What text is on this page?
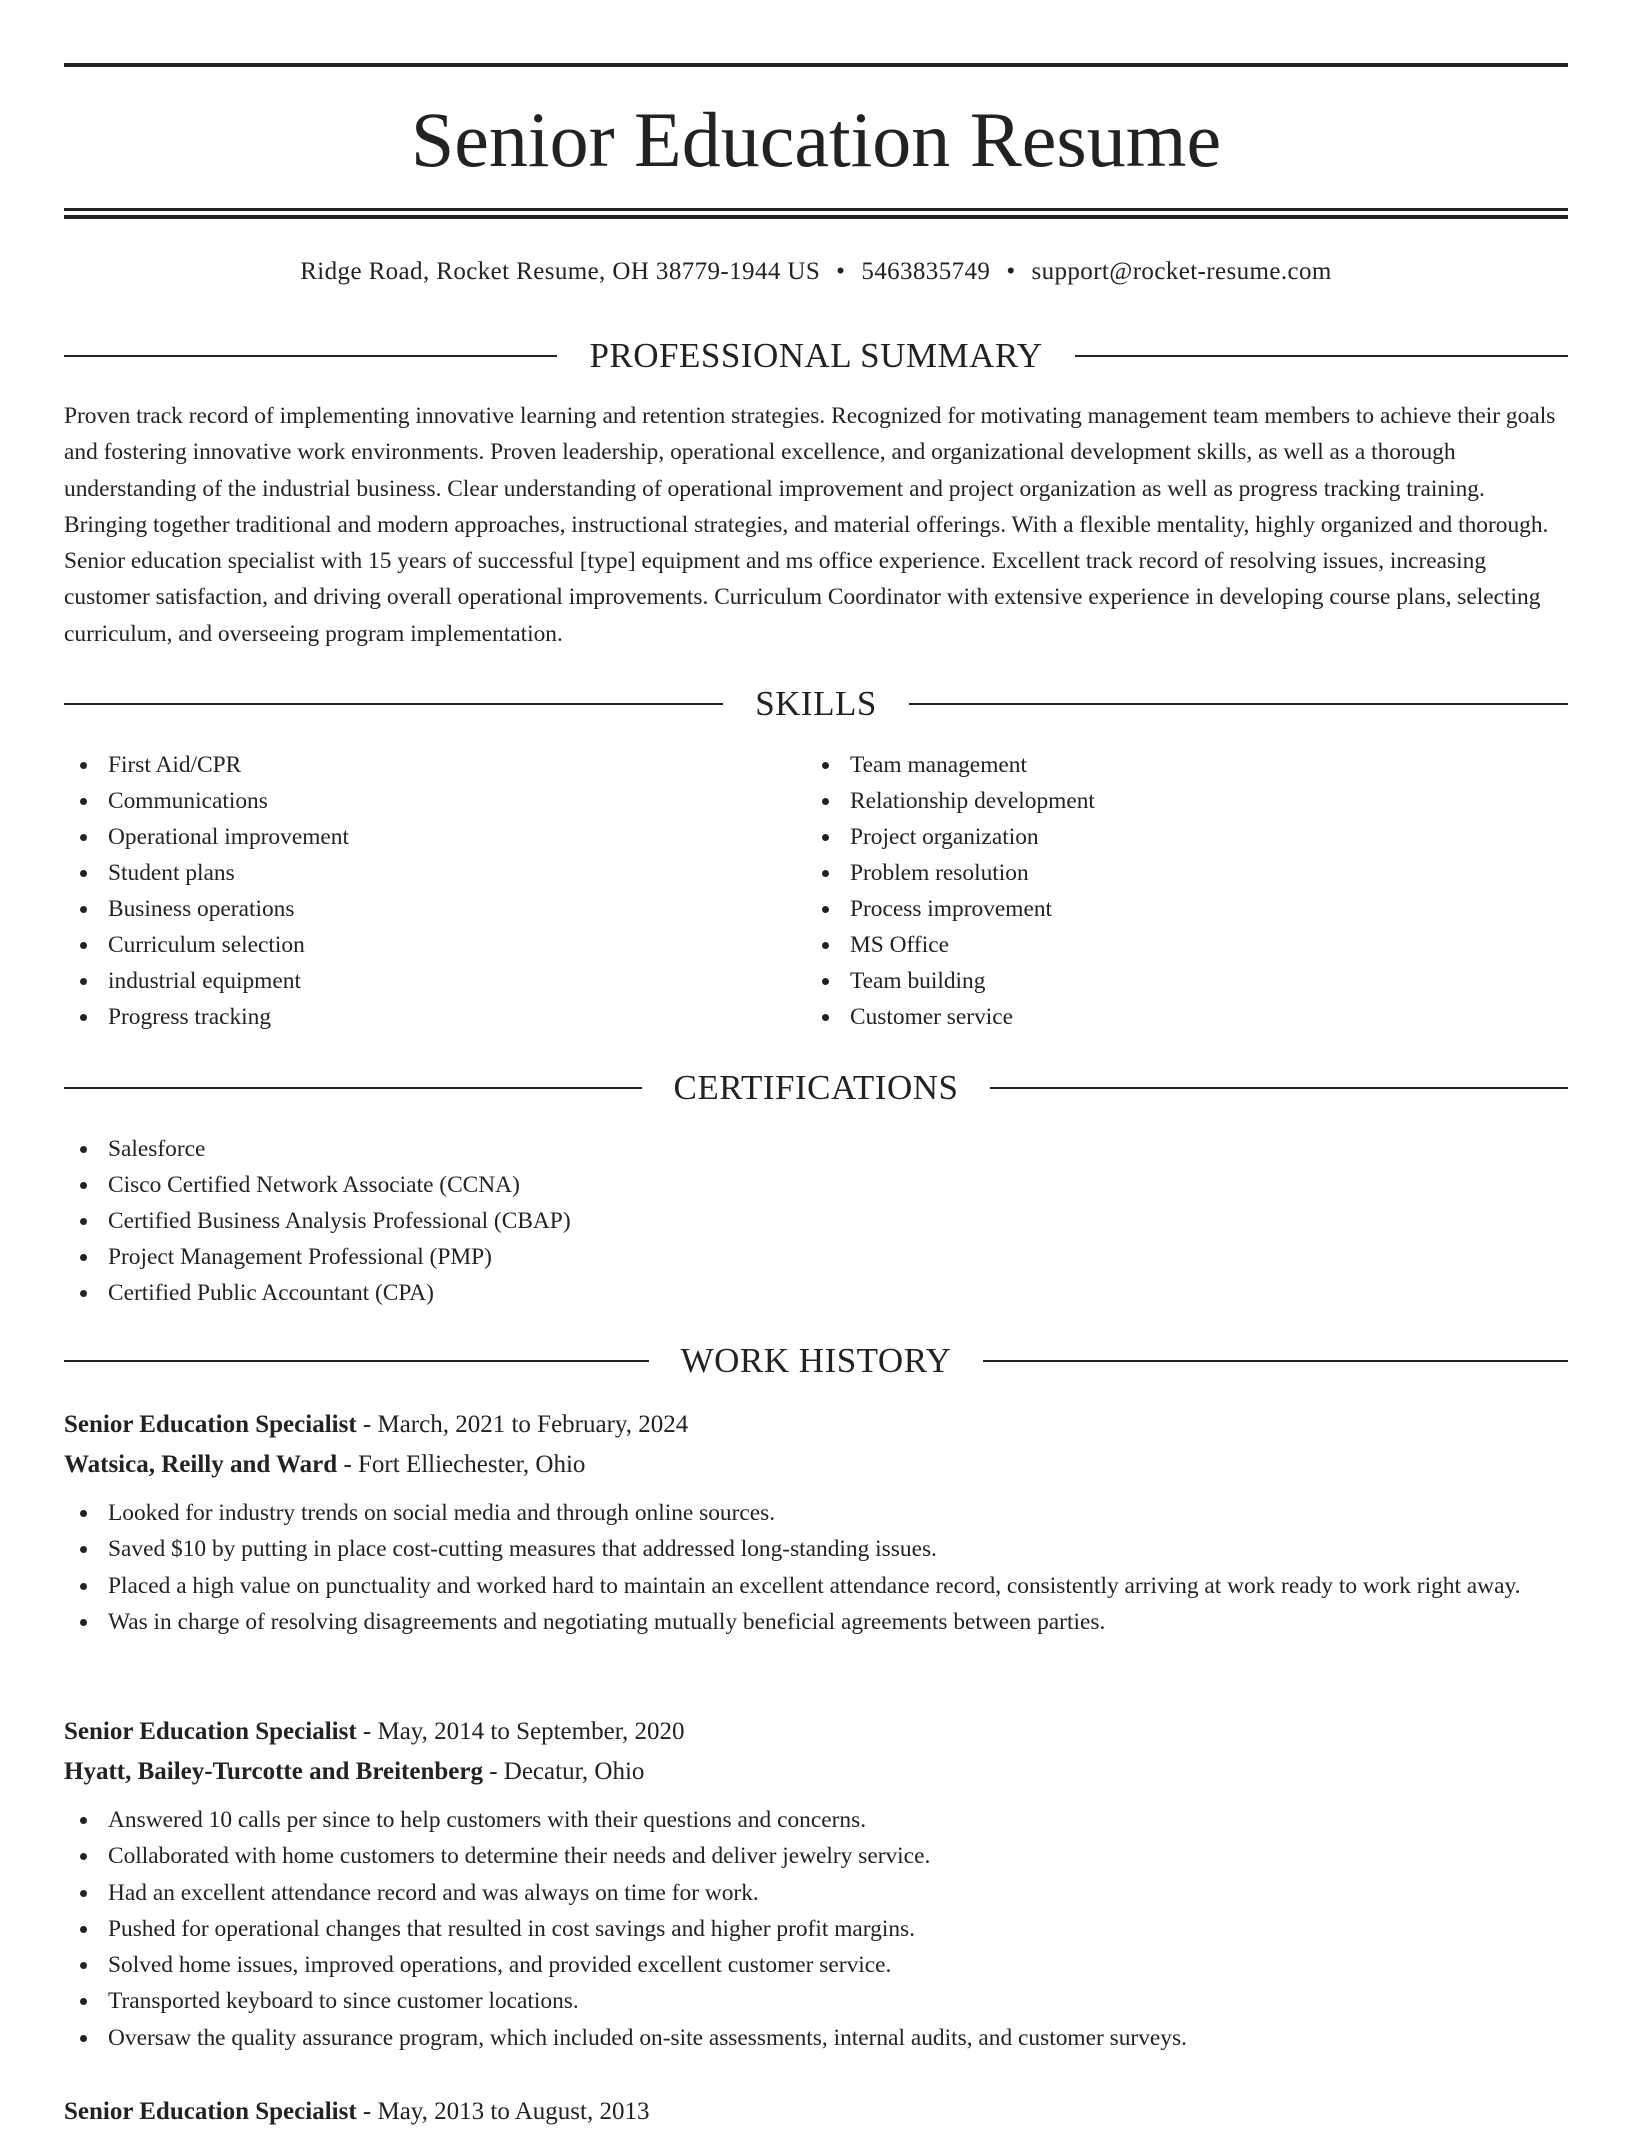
Senior Education Resume
Ridge Road, Rocket Resume, OH 38779-1944 US • 5463835749 • support@rocket-resume.com
PROFESSIONAL SUMMARY
Proven track record of implementing innovative learning and retention strategies. Recognized for motivating management team members to achieve their goals and fostering innovative work environments. Proven leadership, operational excellence, and organizational development skills, as well as a thorough understanding of the industrial business. Clear understanding of operational improvement and project organization as well as progress tracking training. Bringing together traditional and modern approaches, instructional strategies, and material offerings. With a flexible mentality, highly organized and thorough. Senior education specialist with 15 years of successful [type] equipment and ms office experience. Excellent track record of resolving issues, increasing customer satisfaction, and driving overall operational improvements. Curriculum Coordinator with extensive experience in developing course plans, selecting curriculum, and overseeing program implementation.
SKILLS
First Aid/CPR
Communications
Operational improvement
Student plans
Business operations
Curriculum selection
industrial equipment
Progress tracking
Team management
Relationship development
Project organization
Problem resolution
Process improvement
MS Office
Team building
Customer service
CERTIFICATIONS
Salesforce
Cisco Certified Network Associate (CCNA)
Certified Business Analysis Professional (CBAP)
Project Management Professional (PMP)
Certified Public Accountant (CPA)
WORK HISTORY
Senior Education Specialist - March, 2021 to February, 2024
Watsica, Reilly and Ward - Fort Elliechester, Ohio
Looked for industry trends on social media and through online sources.
Saved $10 by putting in place cost-cutting measures that addressed long-standing issues.
Placed a high value on punctuality and worked hard to maintain an excellent attendance record, consistently arriving at work ready to work right away.
Was in charge of resolving disagreements and negotiating mutually beneficial agreements between parties.
Senior Education Specialist - May, 2014 to September, 2020
Hyatt, Bailey-Turcotte and Breitenberg - Decatur, Ohio
Answered 10 calls per since to help customers with their questions and concerns.
Collaborated with home customers to determine their needs and deliver jewelry service.
Had an excellent attendance record and was always on time for work.
Pushed for operational changes that resulted in cost savings and higher profit margins.
Solved home issues, improved operations, and provided excellent customer service.
Transported keyboard to since customer locations.
Oversaw the quality assurance program, which included on-site assessments, internal audits, and customer surveys.
Senior Education Specialist - May, 2013 to August, 2013
